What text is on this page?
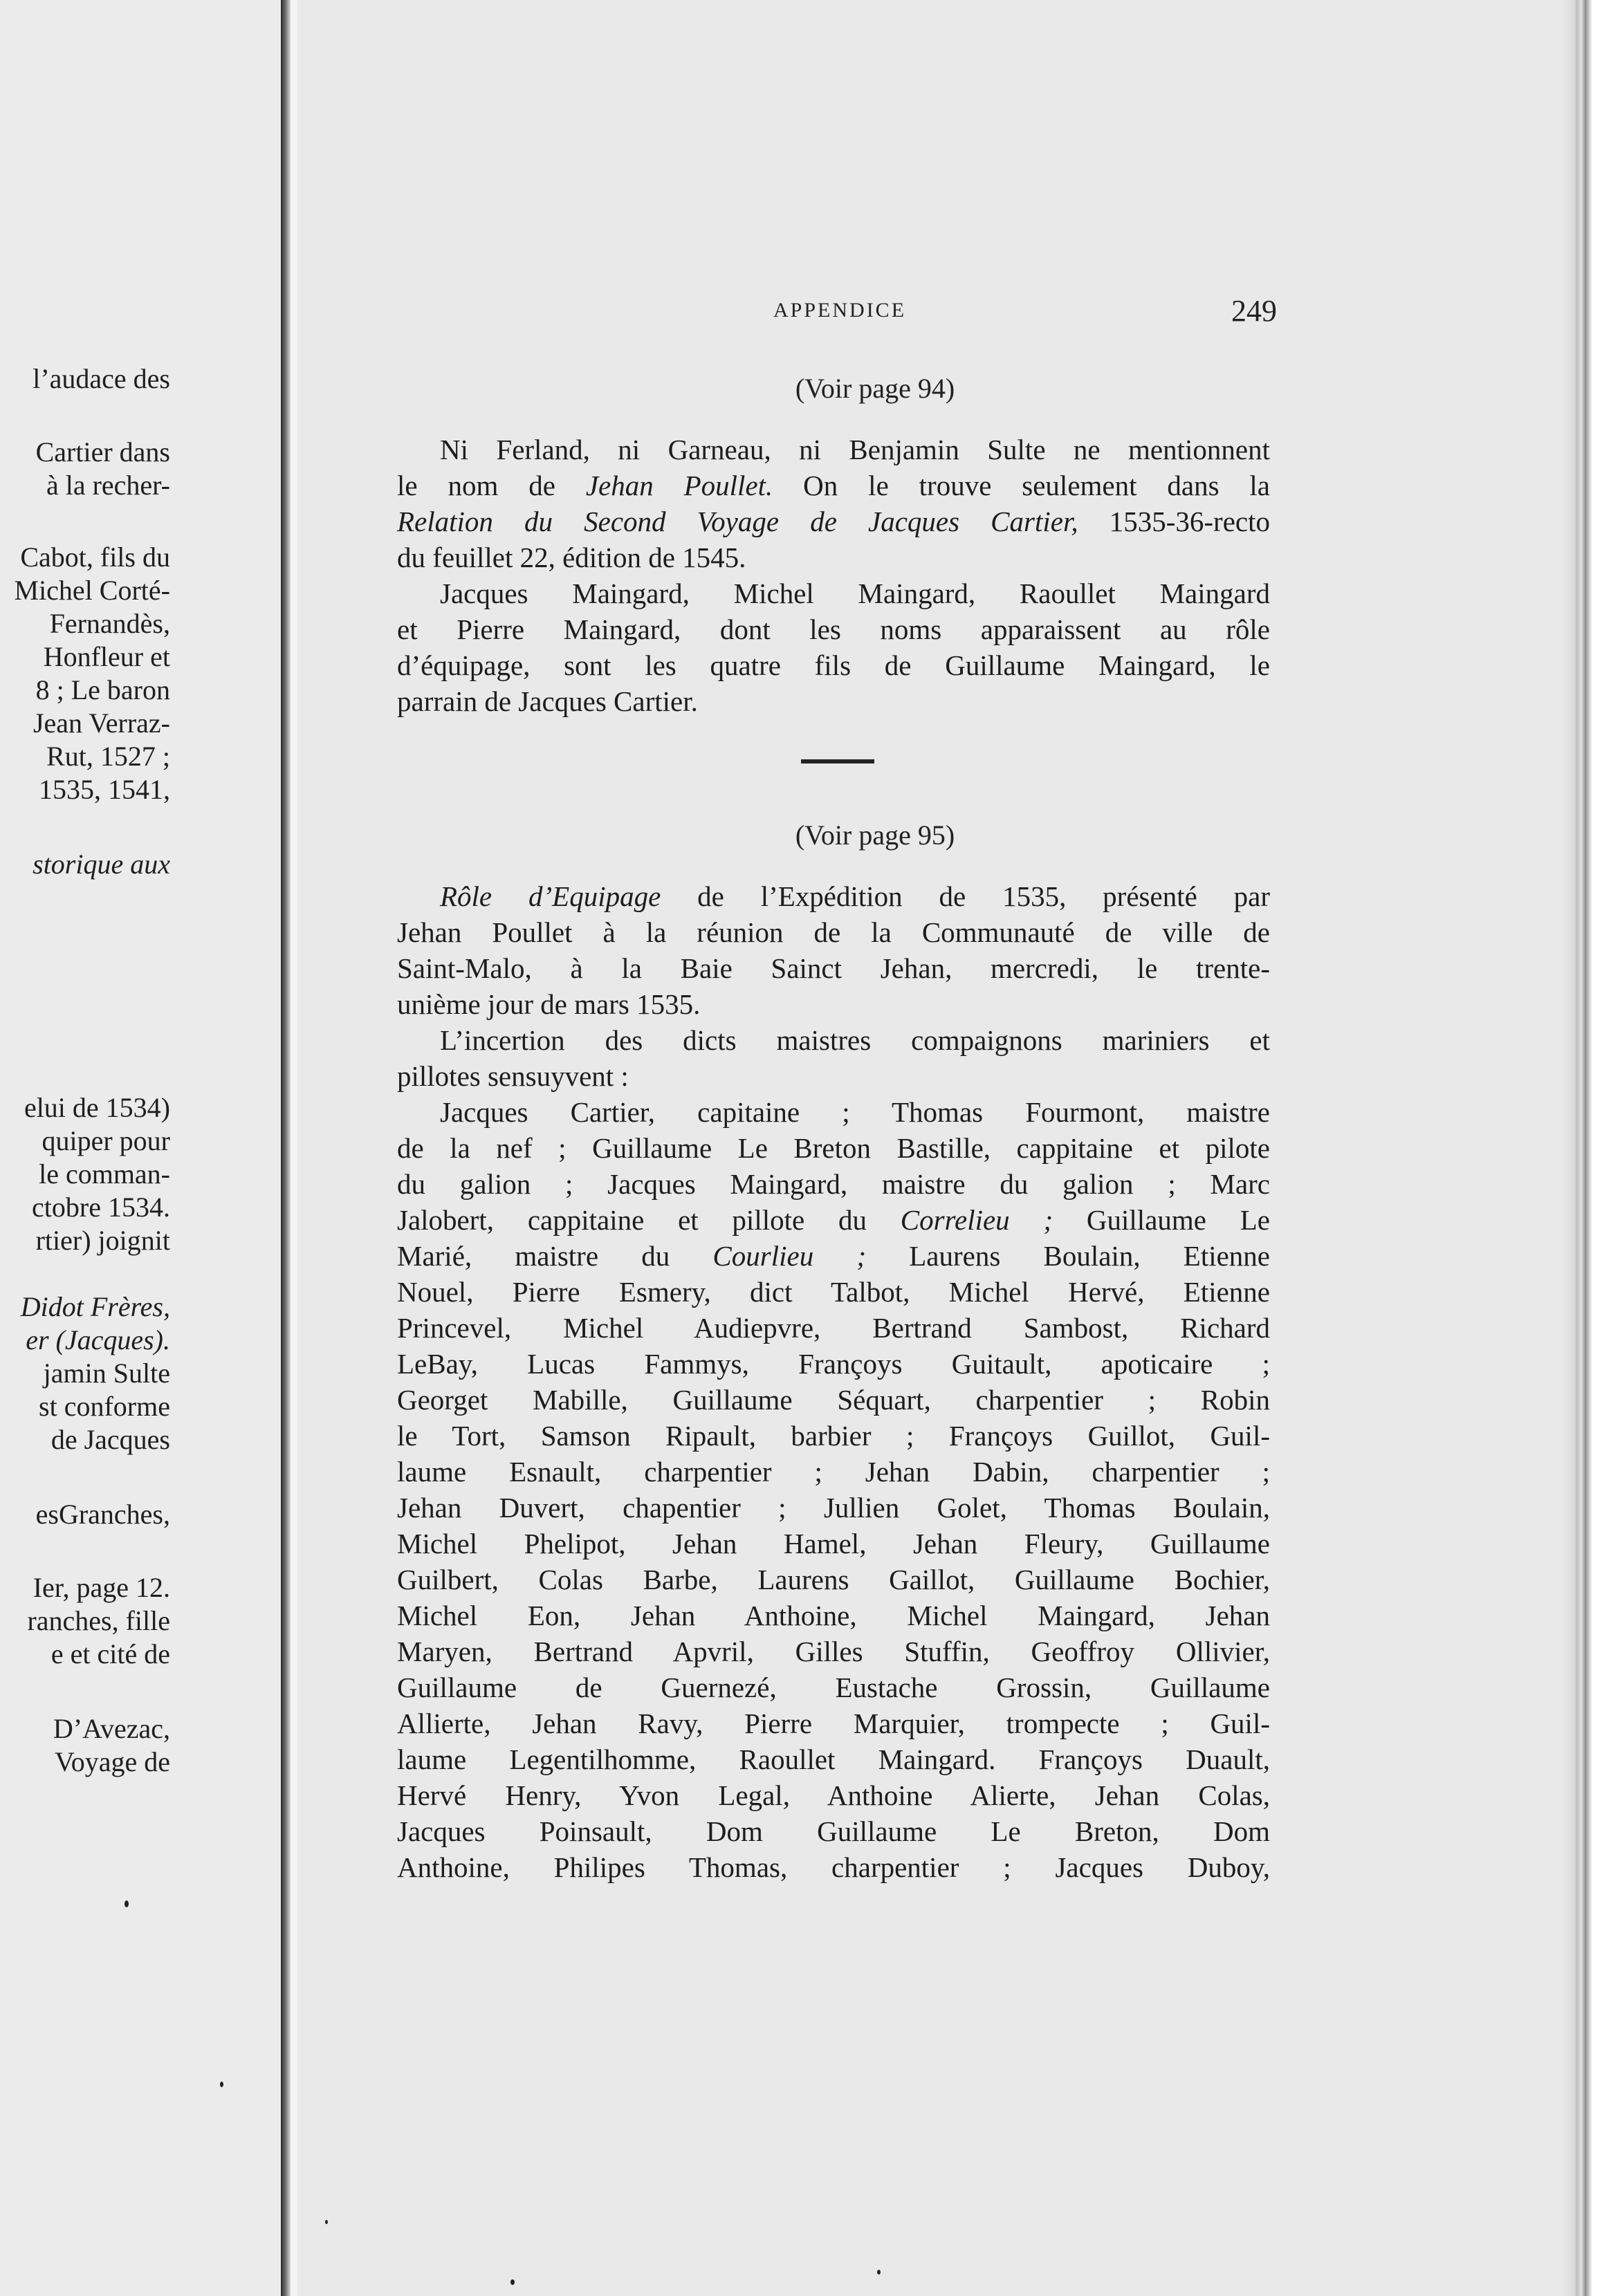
l’audace des
Cartier dans
à la recher-
Cabot, fils du
Michel Corté-
Fernandès,
Honfleur et
8 ; Le baron
Jean Verraz-
Rut, 1527 ;
1535, 1541,
storique aux
elui de 1534)
quiper pour
le comman-
ctobre 1534.
rtier) joignit
Didot Frères,
er (Jacques).
jamin Sulte
st conforme
de Jacques
esGranches,
Ier, page 12.
ranches, fille
e et cité de
D’Avezac,
Voyage de
APPENDICE	249
(Voir page 94)
Ni Ferland, ni Garneau, ni Benjamin Sulte ne mentionnent
le nom de Jehan Poullet. On le trouve seulement dans la
Relation du Second Voyage de Jacques Cartier, 1535-36-recto
du feuillet 22, édition de 1545.
Jacques Maingard, Michel Maingard, Raoullet Maingard
et Pierre Maingard, dont les noms apparaissent au rôle
d’équipage, sont les quatre fils de Guillaume Maingard, le
parrain de Jacques Cartier.
(Voir page 95)
Rôle d’Equipage de l’Expédition de 1535, présenté par
Jehan Poullet à la réunion de la Communauté de ville de
Saint-Malo, à la Baie Sainct Jehan, mercredi, le trente-
unième jour de mars 1535.
L’incertion des dicts maistres compaignons mariniers et
pillotes sensuyvent :
Jacques Cartier, capitaine ; Thomas Fourmont, maistre
de la nef ; Guillaume Le Breton Bastille, cappitaine et pilote
du galion ; Jacques Maingard, maistre du galion ; Marc
Jalobert, cappitaine et pillote du Correlieu ; Guillaume Le
Marié, maistre du Courlieu ; Laurens Boulain, Etienne
Nouel, Pierre Esmery, dict Talbot, Michel Hervé, Etienne
Princevel, Michel Audiepvre, Bertrand Sambost, Richard
LeBay, Lucas Fammys, Françoys Guitault, apoticaire ;
Georget Mabille, Guillaume Séquart, charpentier ; Robin
le Tort, Samson Ripault, barbier ; Françoys Guillot, Guil-
laume Esnault, charpentier ; Jehan Dabin, charpentier ;
Jehan Duvert, chapentier ; Jullien Golet, Thomas Boulain,
Michel Phelipot, Jehan Hamel, Jehan Fleury, Guillaume
Guilbert, Colas Barbe, Laurens Gaillot, Guillaume Bochier,
Michel Eon, Jehan Anthoine, Michel Maingard, Jehan
Maryen, Bertrand Apvril, Gilles Stuffin, Geoffroy Ollivier,
Guillaume de Guernezé, Eustache Grossin, Guillaume
Allierte, Jehan Ravy, Pierre Marquier, trompecte ; Guil-
laume Legentilhomme, Raoullet Maingard. Françoys Duault,
Hervé Henry, Yvon Legal, Anthoine Alierte, Jehan Colas,
Jacques Poinsault, Dom Guillaume Le Breton, Dom
Anthoine, Philipes Thomas, charpentier ; Jacques Duboy,
